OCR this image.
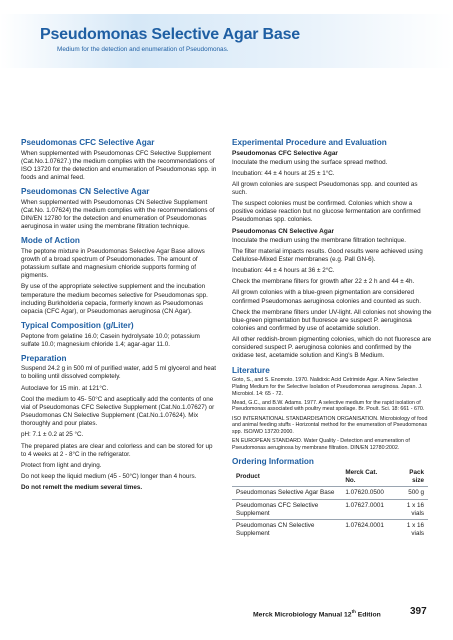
Pseudomonas Selective Agar Base
Medium for the detection and enumeration of Pseudomonas.
Pseudomonas CFC Selective Agar

When supplemented with Pseudomonas CFC Selective Supplement (Cat.No.1.07627.) the medium complies with the recommendations of ISO 13720 for the detection and enumeration of Pseudomonas spp. in foods and animal feed.

Pseudomonas CN Selective Agar

When supplemented with Pseudomonas CN Selective Supplement (Cat.No. 1.07624) the medium complies with the recommendations of DIN/EN 12780 for the detection and enumeration of Pseudomonas aeruginosa in water using the membrane filtration technique.

Mode of Action

The peptone mixture in Pseudomonas Selective Agar Base allows growth of a broad spectrum of Pseudomonades. The amount of potassium sulfate and magnesium chloride supports forming of pigments.

By use of the appropriate selective supplement and the incubation temperature the medium becomes selective for Pseudomonas spp. including Burkholderia cepacia, formerly known as Pseudomonas cepacia (CFC Agar), or Pseudomonas aeruginosa (CN Agar).

Typical Composition (g/Liter)

Peptone from gelatine 16.0; Casein hydrolysate 10.0; potassium sulfate 10.0; magnesium chloride 1.4; agar-agar 11.0.

Preparation

Suspend 24.2 g in 500 ml of purified water, add 5 ml glycerol and heat to boiling until dissolved completely.

Autoclave for 15 min. at 121°C.

Cool the medium to 45- 50°C and aseptically add the contents of one vial of Pseudomonas CFC Selective Supplement (Cat.No.1.07627) or Pseudomonas CN Selective Supplement (Cat.No.1.07624). Mix thoroughly and pour plates.

pH: 7.1 ± 0.2 at 25 °C.

The prepared plates are clear and colorless and can be stored for up to 4 weeks at 2 - 8°C in the refrigerator.

Protect from light and drying.

Do not keep the liquid medium (45 - 50°C) longer than 4 hours.

Do not remelt the medium several times.

Experimental Procedure and Evaluation
Pseudomonas CFC Selective Agar

Inoculate the medium using the surface spread method.

Incubation: 44 ± 4 hours at 25 ± 1°C.

All grown colonies are suspect Pseudomonas spp. and counted as such.

The suspect colonies must be confirmed. Colonies which show a positive oxidase reaction but no glucose fermentation are confirmed Pseudomonas spp. colonies.

Pseudomonas CN Selective Agar

Inoculate the medium using the membrane filtration technique.

The filter material impacts results. Good results were achieved using Cellulose-Mixed Ester membranes (e.g. Pall GN-6).

Incubation: 44 ± 4 hours at 36 ± 2°C.

Check the membrane filters for growth after 22 ± 2 h and 44 ± 4h.

All grown colonies with a blue-green pigmentation are considered confirmed Pseudomonas aeruginosa colonies and counted as such.

Check the membrane filters under UV-light. All colonies not showing the blue-green pigmentation but fluoresce are suspect P. aeruginosa colonies and confirmed by use of acetamide solution.

All other reddish-brown pigmenting colonies, which do not fluoresce are considered suspect P. aeruginosa colonies and confirmed by the oxidase test, acetamide solution and King's B Medium.

Literature

Goto, S., and S. Enomoto. 1970. Nalidixic Acid Cetrimide Agar. A New Selective Plating Medium for the Selective Isolation of Pseudomonas aeruginosa. Japan. J. Microbiol. 14: 65 - 72.

Mead, G.C., and B.W. Adams. 1977. A selective medium for the rapid isolation of Pseudomonas associated with poultry meat spoilage. Br. Poult. Sci. 18: 661 - 670.

ISO INTERNATIONAL STANDARDISATION ORGANISATION. Microbiology of food and animal feeding stuffs - Horizontal method for the enumeration of Pseudomonas spp. ISO/WD 13720:2000.

EN EUROPEAN STANDARD. Water Quality - Detection and enumeration of Pseudomonas aeruginosa by membrane filtration. DIN/EN 12780:2002.

Ordering Information
Product	Merck Cat. No.	Pack size
Pseudomonas Selective Agar Base	1.07620.0500	500 g
Pseudomonas CFC Selective Supplement	1.07627.0001	1 x 16 vials
Pseudomonas CN Selective Supplement	1.07624.0001	1 x 16 vials
Merck Microbiology Manual 12th Edition	397
